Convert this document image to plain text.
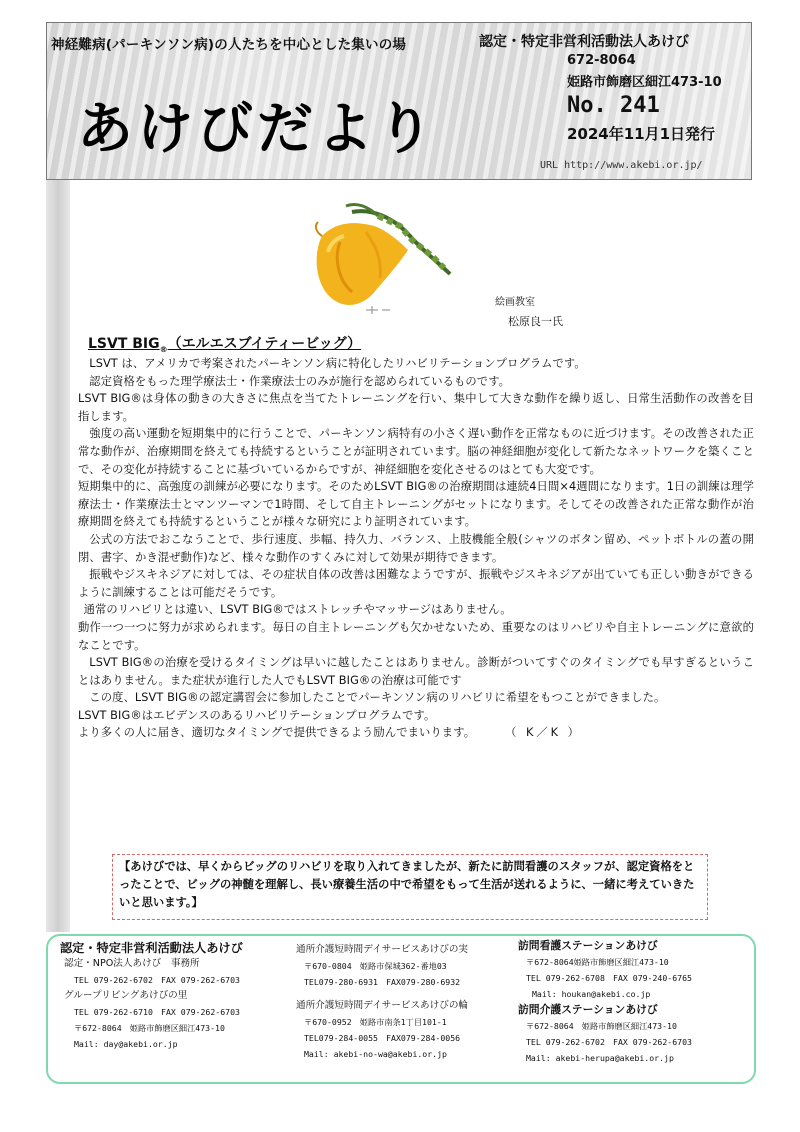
神経難病(パーキンソン病)の人たちを中心とした集いの場	認定・特定非営利活動法人あけび
672-8064
姫路市飾磨区細江473-10
あけびだより	No. 241
2024年11月1日発行
URL http://www.akebi.or.jp/
絵画教室
松原良一氏
LSVT $BIG_®$（エルエスブイティービッグ）

LSVT は、アメリカで考案されたパーキンソン病に特化したリハビリテーションプログラムです。

認定資格をもった理学療法士・作業療法士のみが施行を認められているものです。

LSVT BIG®は身体の動きの大きさに焦点を当てたトレーニングを行い、集中して大きな動作を繰り返し、日常生活動作の改善を目指します。

強度の高い運動を短期集中的に行うことで、パーキンソン病特有の小さく遅い動作を正常なものに近づけます。その改善された正常な動作が、治療期間を終えても持続するということが証明されています。脳の神経細胞が変化して新たなネットワークを築くことで、その変化が持続することに基づいているからですが、神経細胞を変化させるのはとても大変です。

短期集中的に、高強度の訓練が必要になります。そのためLSVT BIG®の治療期間は連続4日間×4週間になります。1日の訓練は理学療法士・作業療法士とマンツーマンで1時間、そして自主トレーニングがセットになります。そしてその改善された正常な動作が治療期間を終えても持続するということが様々な研究により証明されています。

公式の方法でおこなうことで、歩行速度、歩幅、持久力、バランス、上肢機能全般(シャツのボタン留め、ペットボトルの蓋の開閉、書字、かき混ぜ動作)など、様々な動作のすくみに対して効果が期待できます。

振戦やジスキネジアに対しては、その症状自体の改善は困難なようですが、振戦やジスキネジアが出ていても正しい動きができるように訓練することは可能だそうです。

通常のリハビリとは違い、LSVT BIG®ではストレッチやマッサージはありません。

動作一つ一つに努力が求められます。毎日の自主トレーニングも欠かせないため、重要なのはリハビリや自主トレーニングに意欲的なことです。

LSVT BIG®の治療を受けるタイミングは早いに越したことはありません。診断がついてすぐのタイミングでも早すぎるということはありません。また症状が進行した人でもLSVT BIG®の治療は可能です

この度、LSVT BIG®の認定講習会に参加したことでパーキンソン病のリハビリに希望をもつことができました。

LSVT BIG®はエビデンスのあるリハビリテーションプログラムです。

より多くの人に届き、適切なタイミングで提供できるよう励んでまいります。	（ K／K ）

【あけびでは、早くからビッグのリハビリを取り入れてきましたが、新たに訪問看護のスタッフが、認定資格をとったことで、ビッグの神髄を理解し、長い療養生活の中で希望をもって生活が送れるように、一緒に考えていきたいと思います。】
認定・特定非営利活動法人あけび
認定・NPO法人あけび　事務所
TEL 079-262-6702　FAX 079-262-6703
グループリビングあけびの里
TEL 079-262-6710　FAX 079-262-6703
〒672-8064　姫路市飾磨区細江473-10
Mail: day@akebi.or.jp
通所介護短時間デイサービスあけびの実
〒670-0804　姫路市保城362-番地03
TEL079-280-6931　FAX079-280-6932
通所介護短時間デイサービスあけびの輪
〒670-0952　姫路市南条1丁目101-1
TEL079-284-0055　FAX079-284-0056
Mail: akebi-no-wa@akebi.or.jp
訪問看護ステーションあけび
〒672-8064姫路市飾磨区細江473-10
TEL 079-262-6708　FAX 079-240-6765
Mail: houkan@akebi.co.jp
訪問介護ステーションあけび
〒672-8064　姫路市飾磨区細江473-10
TEL 079-262-6702　FAX 079-262-6703
Mail: akebi-herupa@akebi.or.jp
